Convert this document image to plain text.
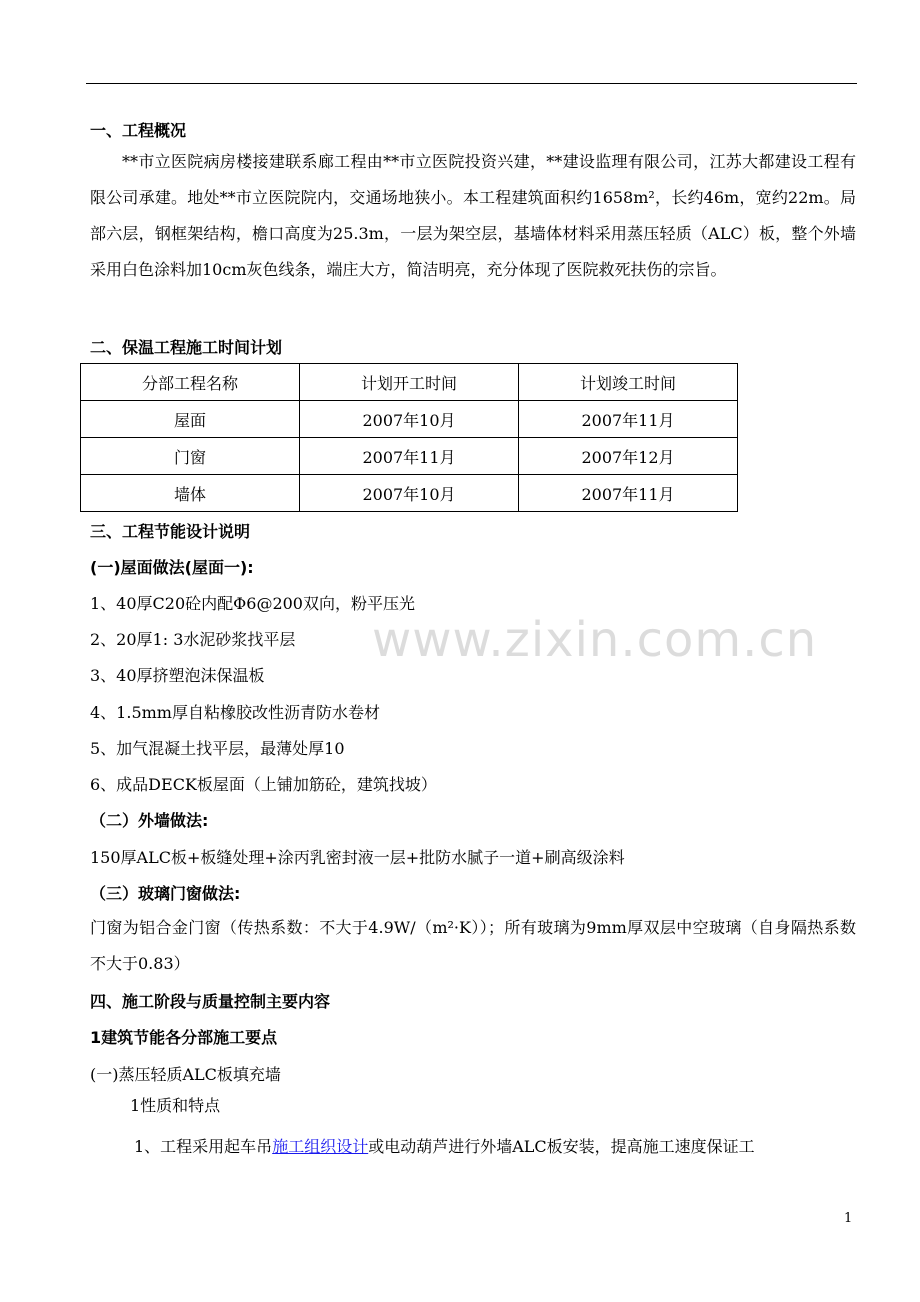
www.zixin.com.cn
一、工程概况
**市立医院病房楼接建联系廊工程由**市立医院投资兴建，**建设监理有限公司，江苏大都建设工程有限公司承建。地处**市立医院院内，交通场地狭小。本工程建筑面积约1658m²，长约46m，宽约22m。局部六层，钢框架结构，檐口高度为25.3m，一层为架空层，基墙体材料采用蒸压轻质（ALC）板，整个外墙采用白色涂料加10cm灰色线条，端庄大方，简洁明亮，充分体现了医院救死扶伤的宗旨。
二、保温工程施工时间计划
分部工程名称	计划开工时间	计划竣工时间
屋面	2007年10月	2007年11月
门窗	2007年11月	2007年12月
墙体	2007年10月	2007年11月
三、工程节能设计说明
(一)屋面做法(屋面一):
1、40厚C20砼内配Φ6@200双向，粉平压光
2、20厚1: 3水泥砂浆找平层
3、40厚挤塑泡沫保温板
4、1.5mm厚自粘橡胶改性沥青防水卷材
5、加气混凝土找平层，最薄处厚10
6、成品DECK板屋面（上铺加筋砼，建筑找坡）
（二）外墙做法:
150厚ALC板+板缝处理+涂丙乳密封液一层+批防水腻子一道+刷高级涂料
（三）玻璃门窗做法:
门窗为铝合金门窗（传热系数：不大于4.9W/（m²·K））；所有玻璃为9mm厚双层中空玻璃（自身隔热系数不大于0.83）
四、施工阶段与质量控制主要内容
1建筑节能各分部施工要点
(一)蒸压轻质ALC板填充墙
1性质和特点
1、工程采用起车吊施工组织设计或电动葫芦进行外墙ALC板安装，提高施工速度保证工
1
